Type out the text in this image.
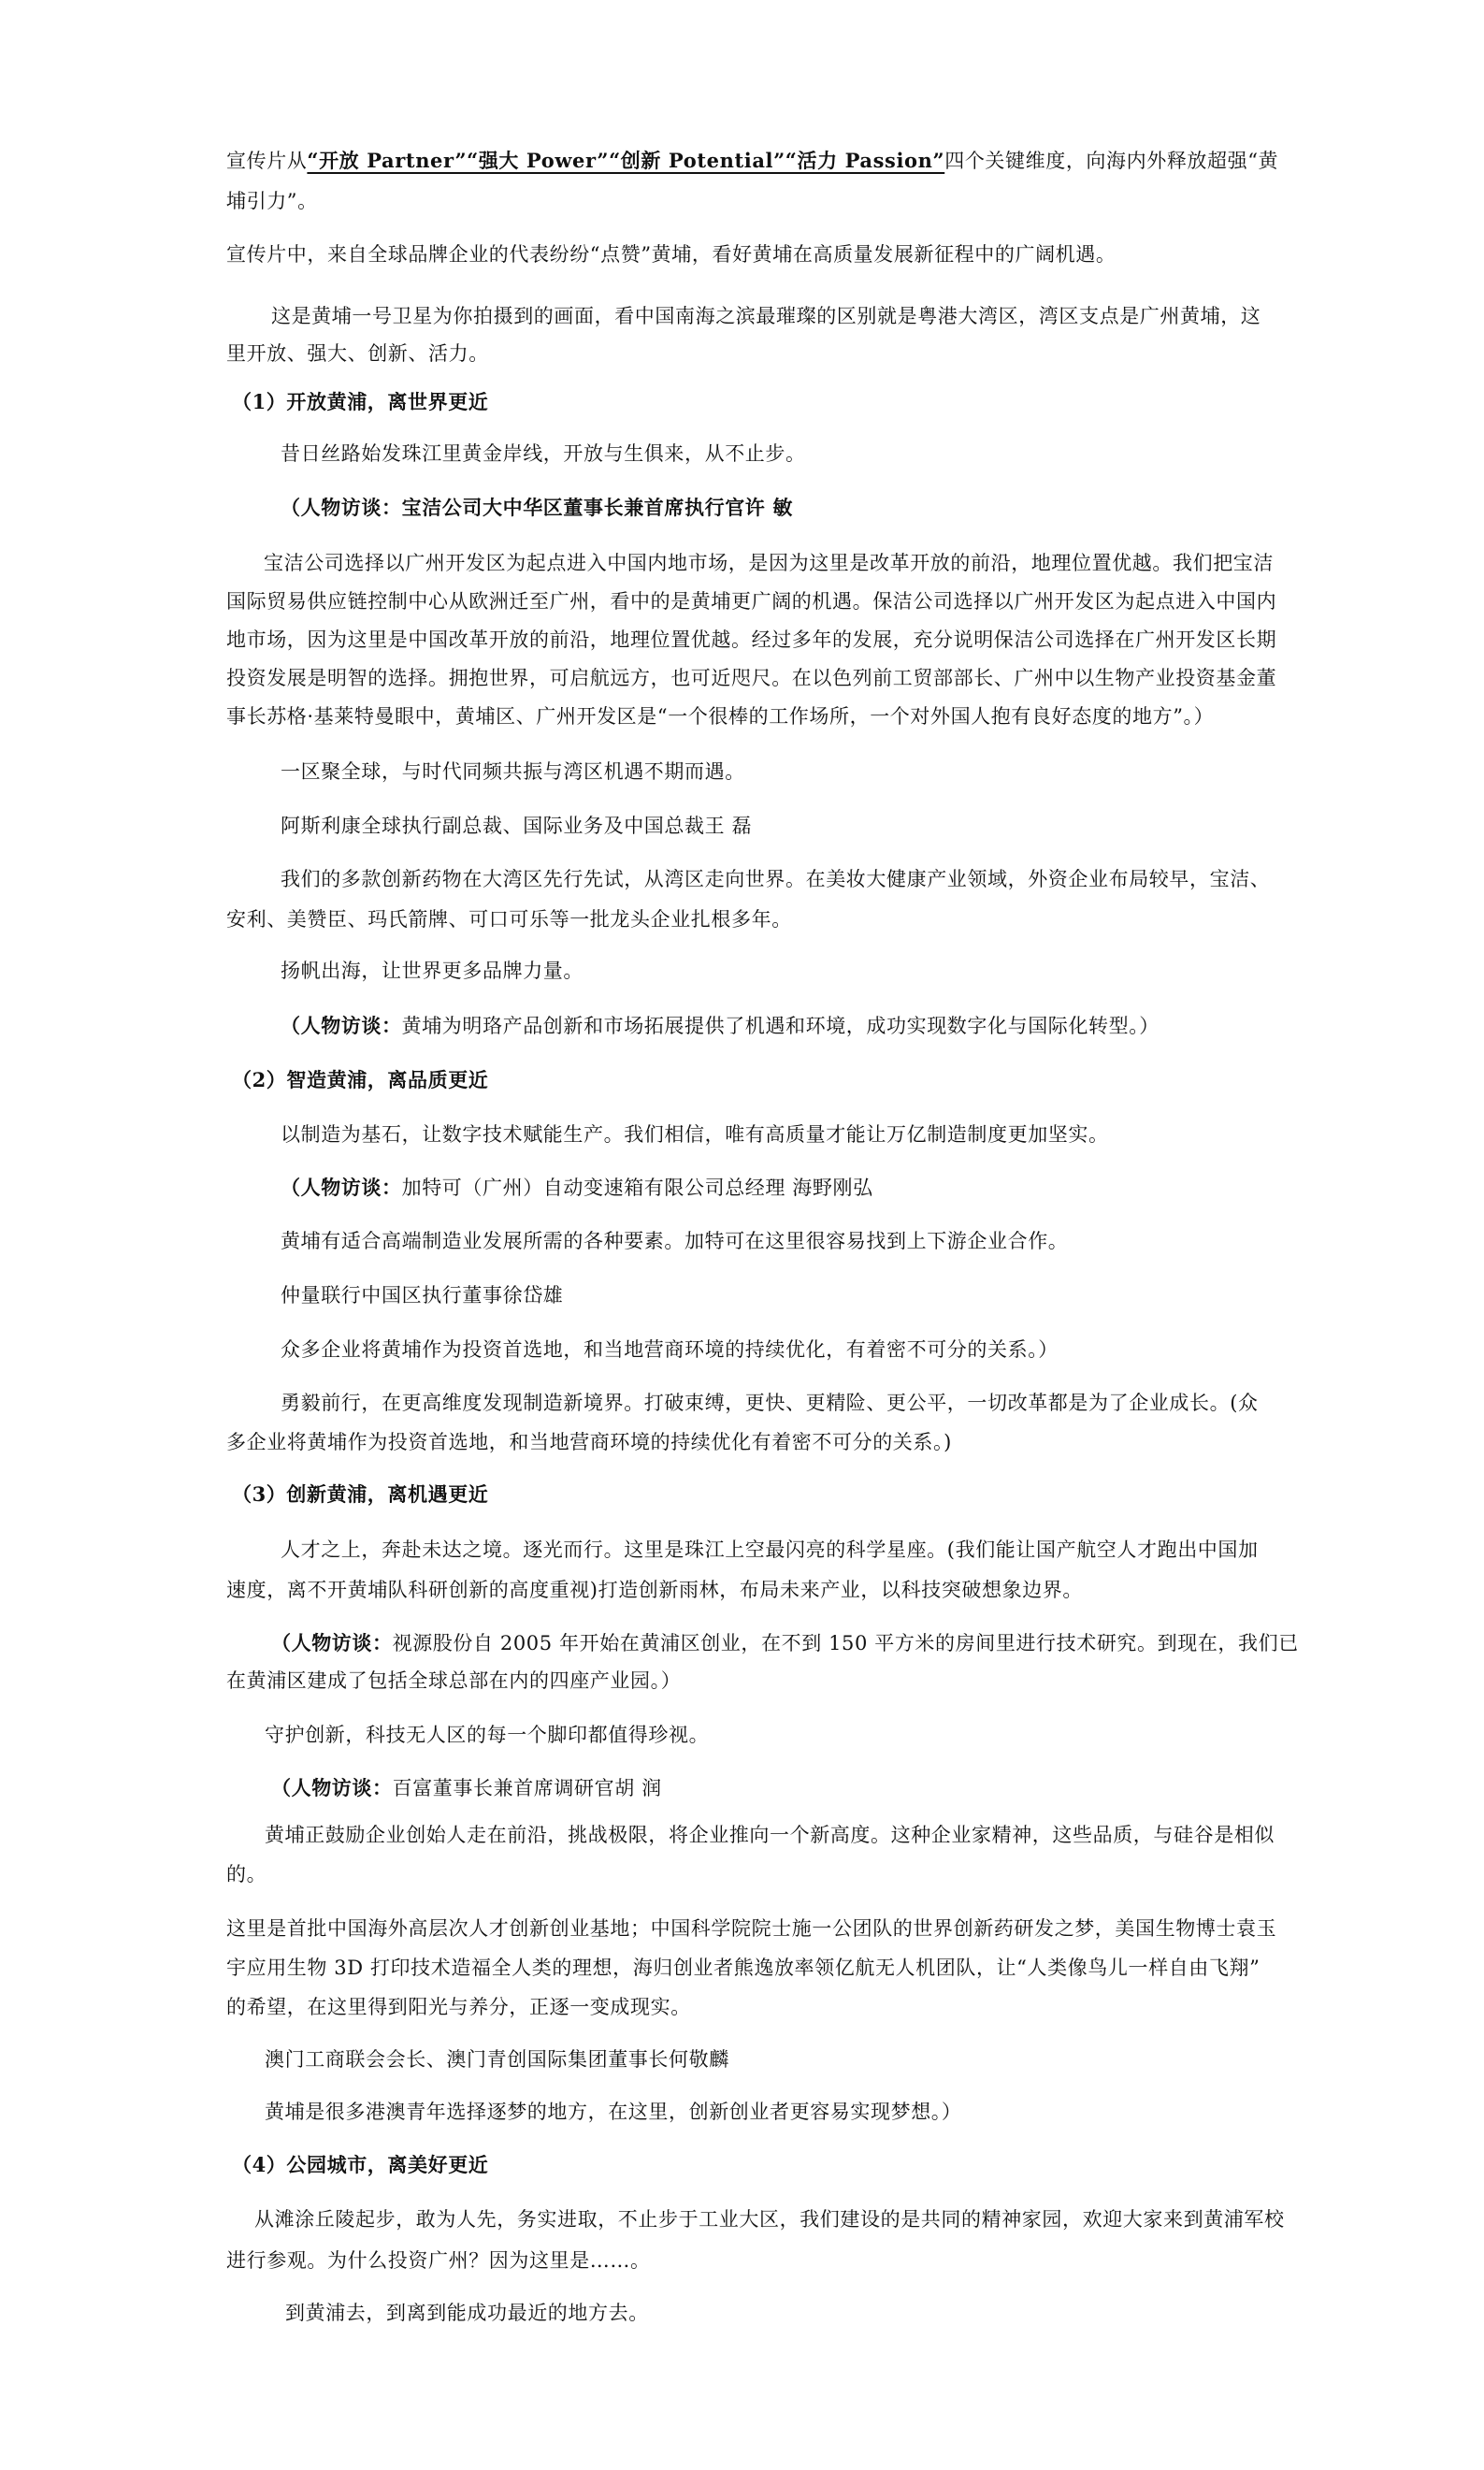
宣传片从“开放 Partner”“强大 Power”“创新 Potential”“活力 Passion”四个关键维度，向海内外释放超强“黄
埔引力”。
宣传片中，来自全球品牌企业的代表纷纷“点赞”黄埔，看好黄埔在高质量发展新征程中的广阔机遇。
这是黄埔一号卫星为你拍摄到的画面，看中国南海之滨最璀璨的区别就是粤港大湾区，湾区支点是广州黄埔，这
里开放、强大、创新、活力。
（1）开放黄浦，离世界更近
昔日丝路始发珠江里黄金岸线，开放与生俱来，从不止步。
（人物访谈：宝洁公司大中华区董事长兼首席执行官许 敏
宝洁公司选择以广州开发区为起点进入中国内地市场，是因为这里是改革开放的前沿，地理位置优越。我们把宝洁
国际贸易供应链控制中心从欧洲迁至广州，看中的是黄埔更广阔的机遇。保洁公司选择以广州开发区为起点进入中国内
地市场，因为这里是中国改革开放的前沿，地理位置优越。经过多年的发展，充分说明保洁公司选择在广州开发区长期
投资发展是明智的选择。拥抱世界，可启航远方，也可近咫尺。在以色列前工贸部部长、广州中以生物产业投资基金董
事长苏格·基莱特曼眼中，黄埔区、广州开发区是“一个很棒的工作场所，一个对外国人抱有良好态度的地方”。）
一区聚全球，与时代同频共振与湾区机遇不期而遇。
阿斯利康全球执行副总裁、国际业务及中国总裁王 磊
我们的多款创新药物在大湾区先行先试，从湾区走向世界。在美妆大健康产业领域，外资企业布局较早，宝洁、
安利、美赞臣、玛氏箭牌、可口可乐等一批龙头企业扎根多年。
扬帆出海，让世界更多品牌力量。
（人物访谈：黄埔为明珞产品创新和市场拓展提供了机遇和环境，成功实现数字化与国际化转型。）
（2）智造黄浦，离品质更近
以制造为基石，让数字技术赋能生产。我们相信，唯有高质量才能让万亿制造制度更加坚实。
（人物访谈：加特可（广州）自动变速箱有限公司总经理 海野刚弘
黄埔有适合高端制造业发展所需的各种要素。加特可在这里很容易找到上下游企业合作。
仲量联行中国区执行董事徐岱雄
众多企业将黄埔作为投资首选地，和当地营商环境的持续优化，有着密不可分的关系。）
勇毅前行，在更高维度发现制造新境界。打破束缚，更快、更精险、更公平，一切改革都是为了企业成长。(众
多企业将黄埔作为投资首选地，和当地营商环境的持续优化有着密不可分的关系。)
（3）创新黄浦，离机遇更近
人才之上，奔赴未达之境。逐光而行。这里是珠江上空最闪亮的科学星座。(我们能让国产航空人才跑出中国加
速度，离不开黄埔队科研创新的高度重视)打造创新雨林，布局未来产业，以科技突破想象边界。
（人物访谈：视源股份自 2005 年开始在黄浦区创业，在不到 150 平方米的房间里进行技术研究。到现在，我们已
在黄浦区建成了包括全球总部在内的四座产业园。）
守护创新，科技无人区的每一个脚印都值得珍视。
（人物访谈：百富董事长兼首席调研官胡 润
黄埔正鼓励企业创始人走在前沿，挑战极限，将企业推向一个新高度。这种企业家精神，这些品质，与硅谷是相似
的。
这里是首批中国海外高层次人才创新创业基地；中国科学院院士施一公团队的世界创新药研发之梦，美国生物博士袁玉
宇应用生物 3D 打印技术造福全人类的理想，海归创业者熊逸放率领亿航无人机团队，让“人类像鸟儿一样自由飞翔”
的希望，在这里得到阳光与养分，正逐一变成现实。
澳门工商联会会长、澳门青创国际集团董事长何敬麟
黄埔是很多港澳青年选择逐梦的地方，在这里，创新创业者更容易实现梦想。）
（4）公园城市，离美好更近
从滩涂丘陵起步，敢为人先，务实进取，不止步于工业大区，我们建设的是共同的精神家园，欢迎大家来到黄浦军校
进行参观。为什么投资广州？因为这里是……。
到黄浦去，到离到能成功最近的地方去。
